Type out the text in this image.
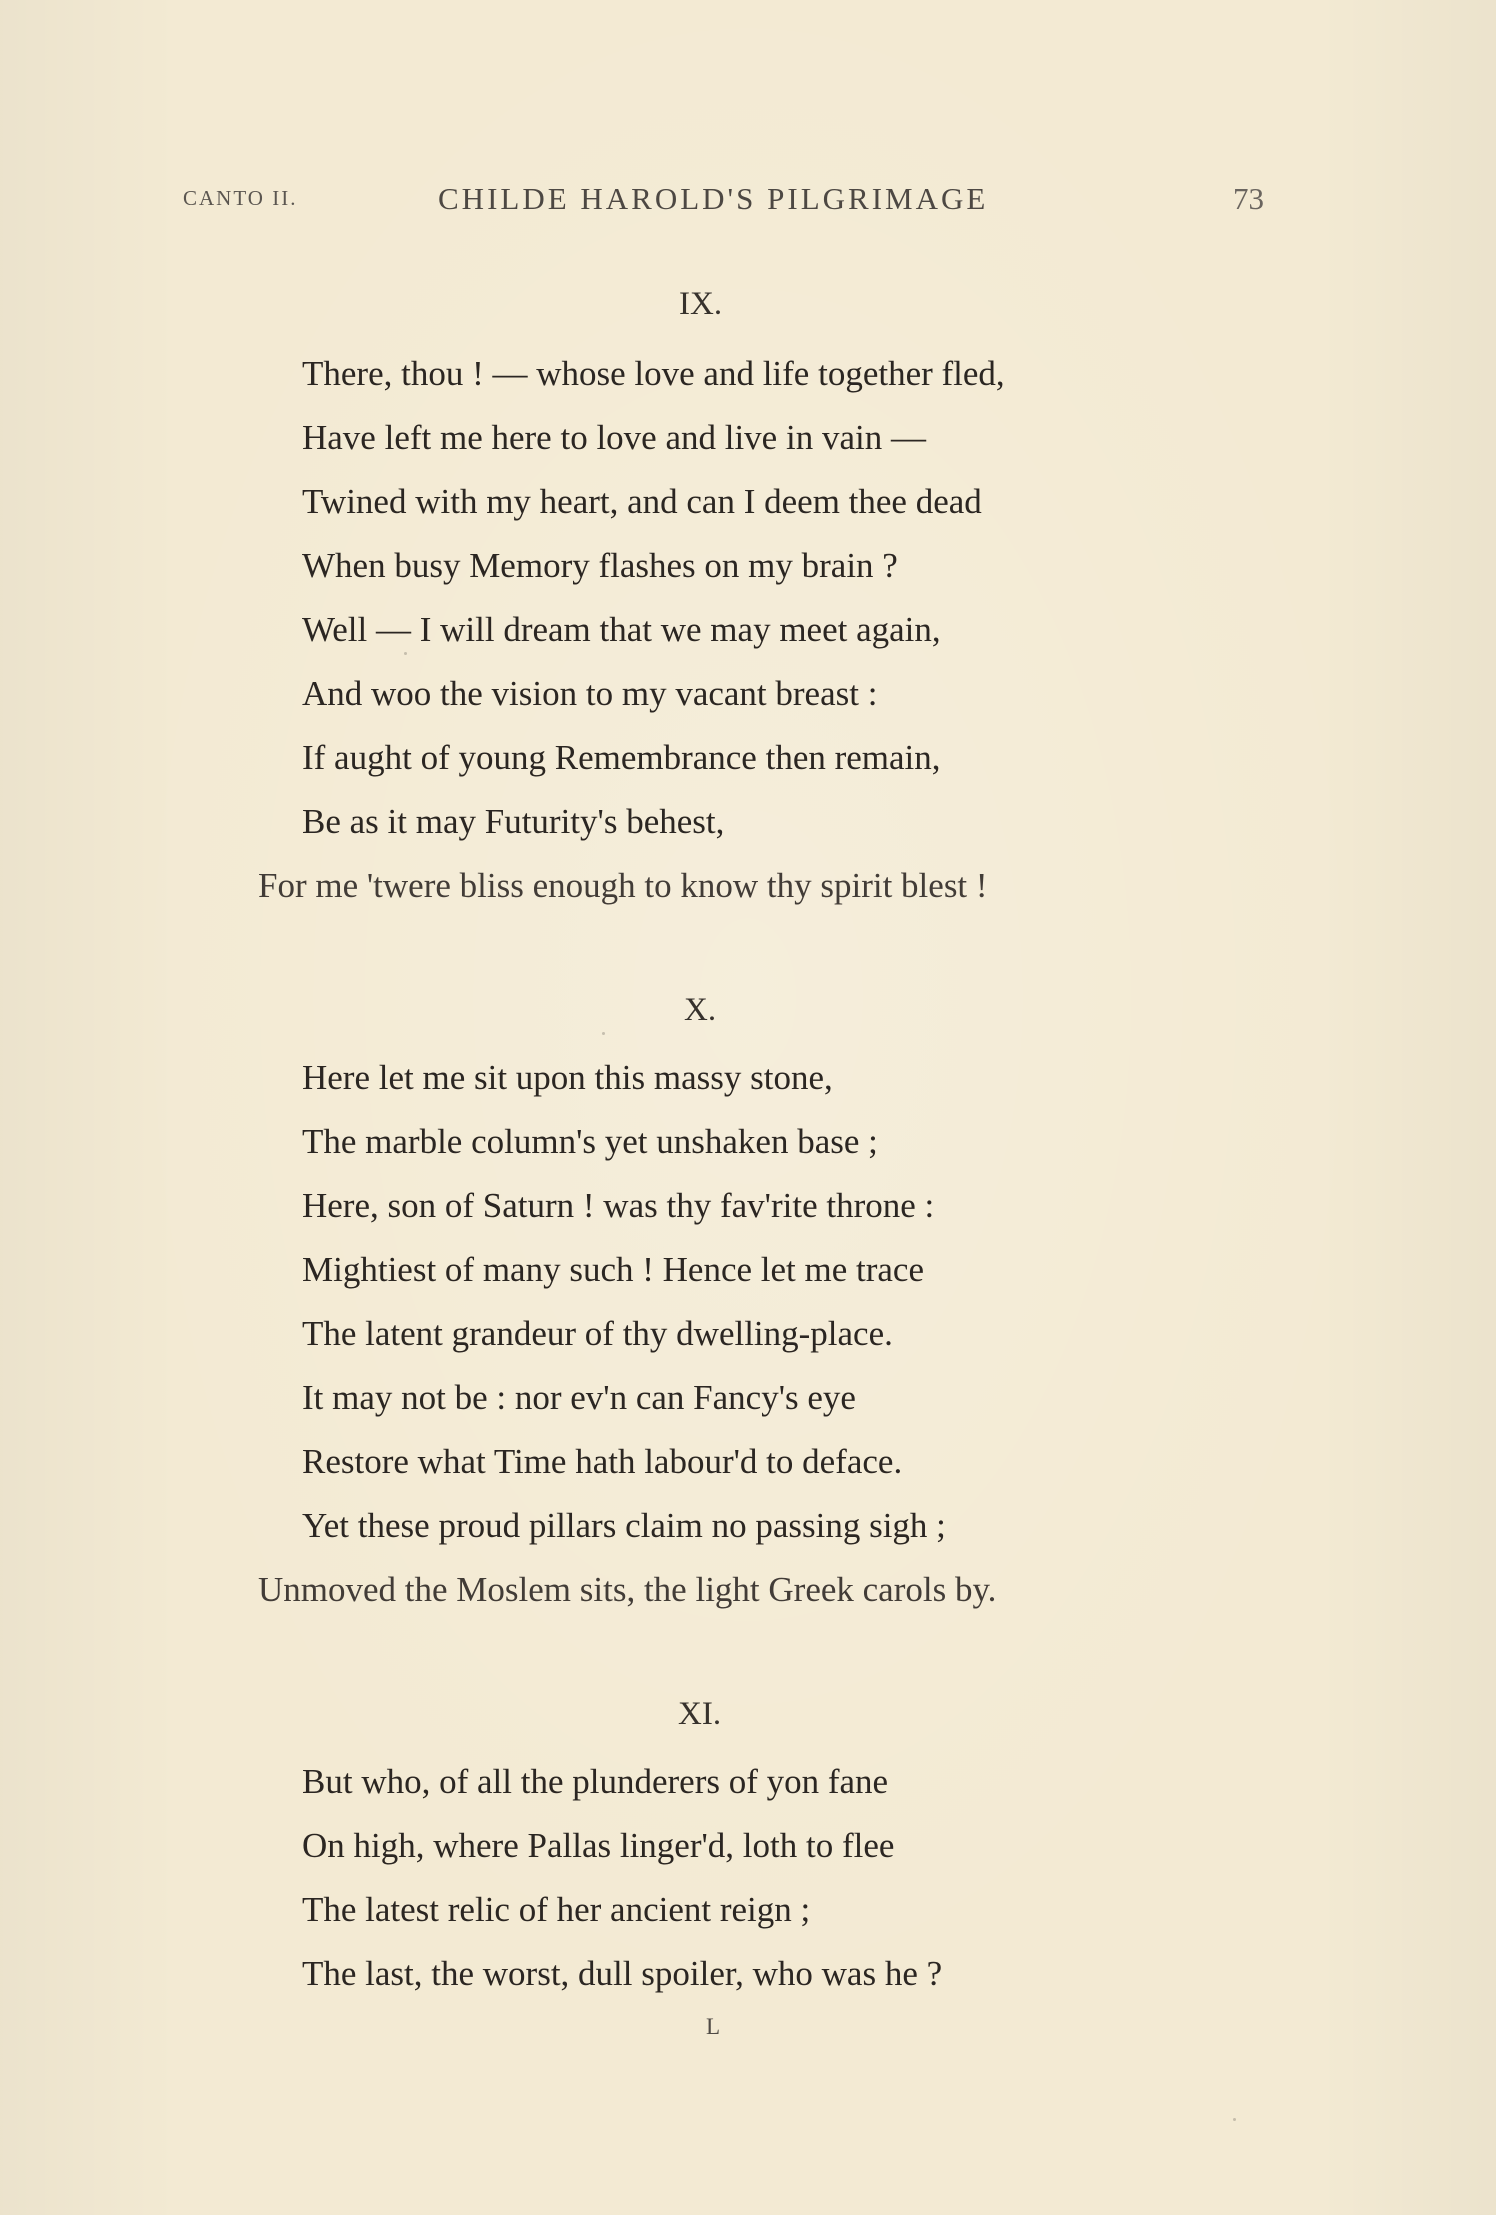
CANTO II.	CHILDE HAROLD'S PILGRIMAGE	73
IX.
There, thou ! — whose love and life together fled,
Have left me here to love and live in vain —
Twined with my heart, and can I deem thee dead
When busy Memory flashes on my brain ?
Well — I will dream that we may meet again,
And woo the vision to my vacant breast :
If aught of young Remembrance then remain,
Be as it may Futurity's behest,
For me 'twere bliss enough to know thy spirit blest !
X.
Here let me sit upon this massy stone,
The marble column's yet unshaken base ;
Here, son of Saturn ! was thy fav'rite throne :
Mightiest of many such ! Hence let me trace
The latent grandeur of thy dwelling-place.
It may not be : nor ev'n can Fancy's eye
Restore what Time hath labour'd to deface.
Yet these proud pillars claim no passing sigh ;
Unmoved the Moslem sits, the light Greek carols by.
XI.
But who, of all the plunderers of yon fane
On high, where Pallas linger'd, loth to flee
The latest relic of her ancient reign ;
The last, the worst, dull spoiler, who was he ?
L
